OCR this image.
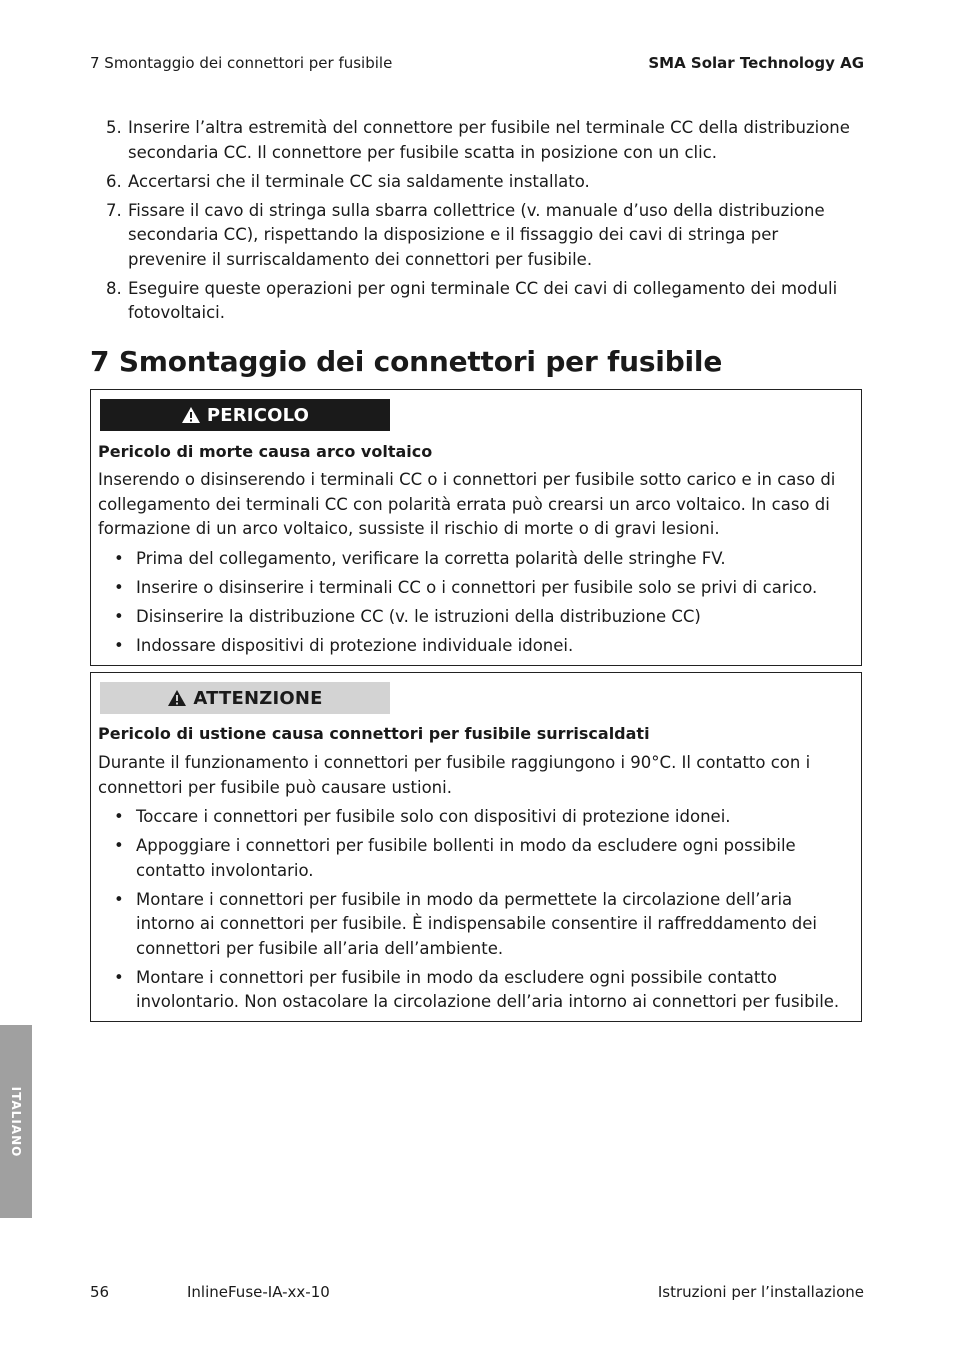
7 Smontaggio dei connettori per fusibile	SMA Solar Technology AG
5. Inserire l’altra estremità del connettore per fusibile nel terminale CC della distribuzione secondaria CC. Il connettore per fusibile scatta in posizione con un clic.
6. Accertarsi che il terminale CC sia saldamente installato.
7. Fissare il cavo di stringa sulla sbarra collettrice (v. manuale d’uso della distribuzione secondaria CC), rispettando la disposizione e il fissaggio dei cavi di stringa per prevenire il surriscaldamento dei connettori per fusibile.
8. Eseguire queste operazioni per ogni terminale CC dei cavi di collegamento dei moduli fotovoltaici.
7 Smontaggio dei connettori per fusibile
PERICOLO
Pericolo di morte causa arco voltaico
Inserendo o disinserendo i terminali CC o i connettori per fusibile sotto carico e in caso di collegamento dei terminali CC con polarità errata può crearsi un arco voltaico. In caso di formazione di un arco voltaico, sussiste il rischio di morte o di gravi lesioni.
• Prima del collegamento, verificare la corretta polarità delle stringhe FV.
• Inserire o disinserire i terminali CC o i connettori per fusibile solo se privi di carico.
• Disinserire la distribuzione CC (v. le istruzioni della distribuzione CC)
• Indossare dispositivi di protezione individuale idonei.
ATTENZIONE
Pericolo di ustione causa connettori per fusibile surriscaldati
Durante il funzionamento i connettori per fusibile raggiungono i 90°C. Il contatto con i connettori per fusibile può causare ustioni.
• Toccare i connettori per fusibile solo con dispositivi di protezione idonei.
• Appoggiare i connettori per fusibile bollenti in modo da escludere ogni possibile contatto involontario.
• Montare i connettori per fusibile in modo da permettete la circolazione dell’aria intorno ai connettori per fusibile. È indispensabile consentire il raffreddamento dei connettori per fusibile all’aria dell’ambiente.
• Montare i connettori per fusibile in modo da escludere ogni possibile contatto involontario. Non ostacolare la circolazione dell’aria intorno ai connettori per fusibile.
ITALIANO
56	InlineFuse-IA-xx-10	Istruzioni per l’installazione
